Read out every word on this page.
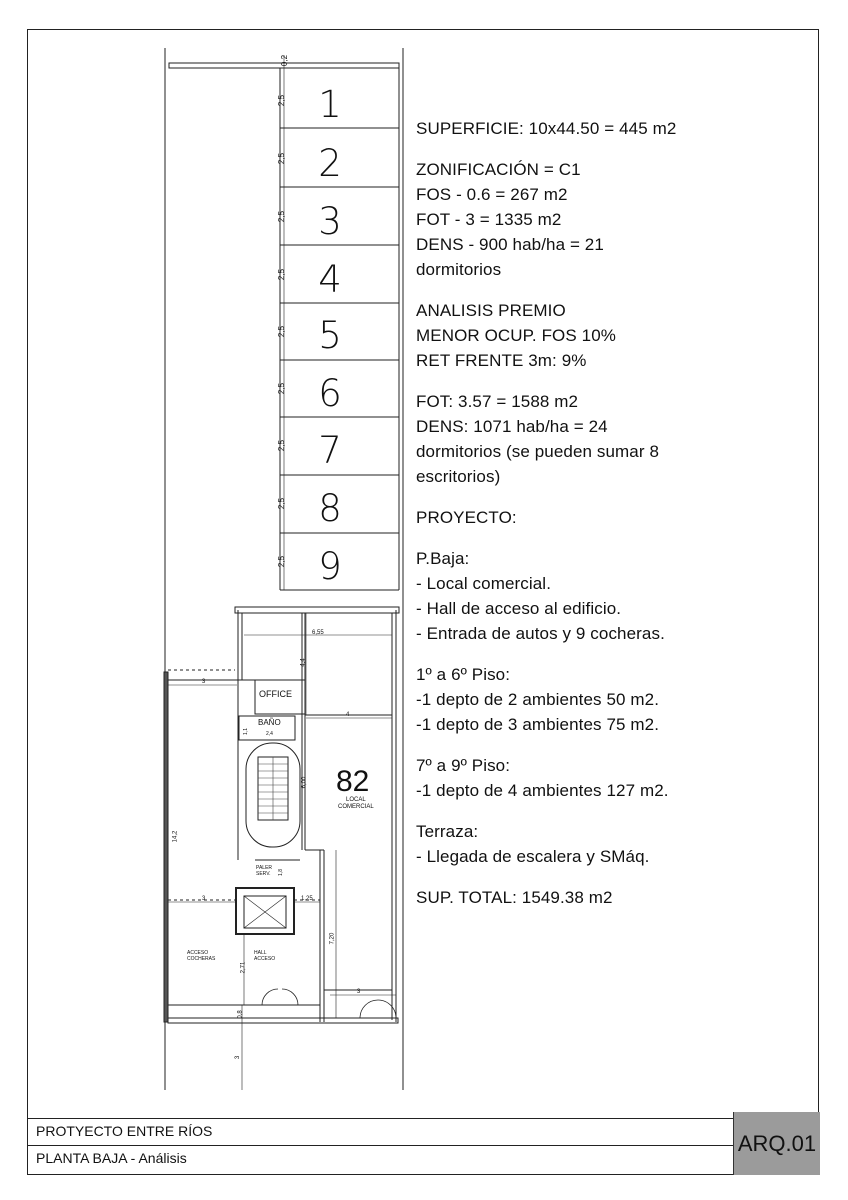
1
2
3
4
5
6
7
8
9
2,5
2,5
2,5
2,5
2,5
2,5
2,5
2,5
2,5
0,2
OFFICE
BAÑO
82
LOCAL
COMERCIAL
PALER
SERV.
ACCESO
COCHERAS
HALL
ACCESO
6,55
4,4
3
4
6,00
14,2
3	1,25
7,20
2,71
3
0,8
3
2,4
1,1
1,8
SUPERFICIE: 10x44.50 = 445 m2
ZONIFICACIÓN = C1
FOS - 0.6 = 267 m2
FOT - 3 = 1335 m2
DENS - 900 hab/ha = 21
dormitorios
ANALISIS PREMIO
MENOR OCUP. FOS 10%
RET FRENTE 3m: 9%
FOT: 3.57 = 1588 m2
DENS: 1071 hab/ha = 24
dormitorios (se pueden sumar 8
escritorios)
PROYECTO:
P.Baja:
- Local comercial.
- Hall de acceso al edificio.
- Entrada de autos y 9 cocheras.
1º a 6º Piso:
-1 depto de 2 ambientes 50 m2.
-1 depto de 3 ambientes 75 m2.
7º a 9º Piso:
-1 depto de 4 ambientes 127 m2.
Terraza:
- Llegada de escalera y SMáq.
SUP. TOTAL: 1549.38 m2
PROTYECTO ENTRE RÍOS
PLANTA BAJA - Análisis
ARQ.01
